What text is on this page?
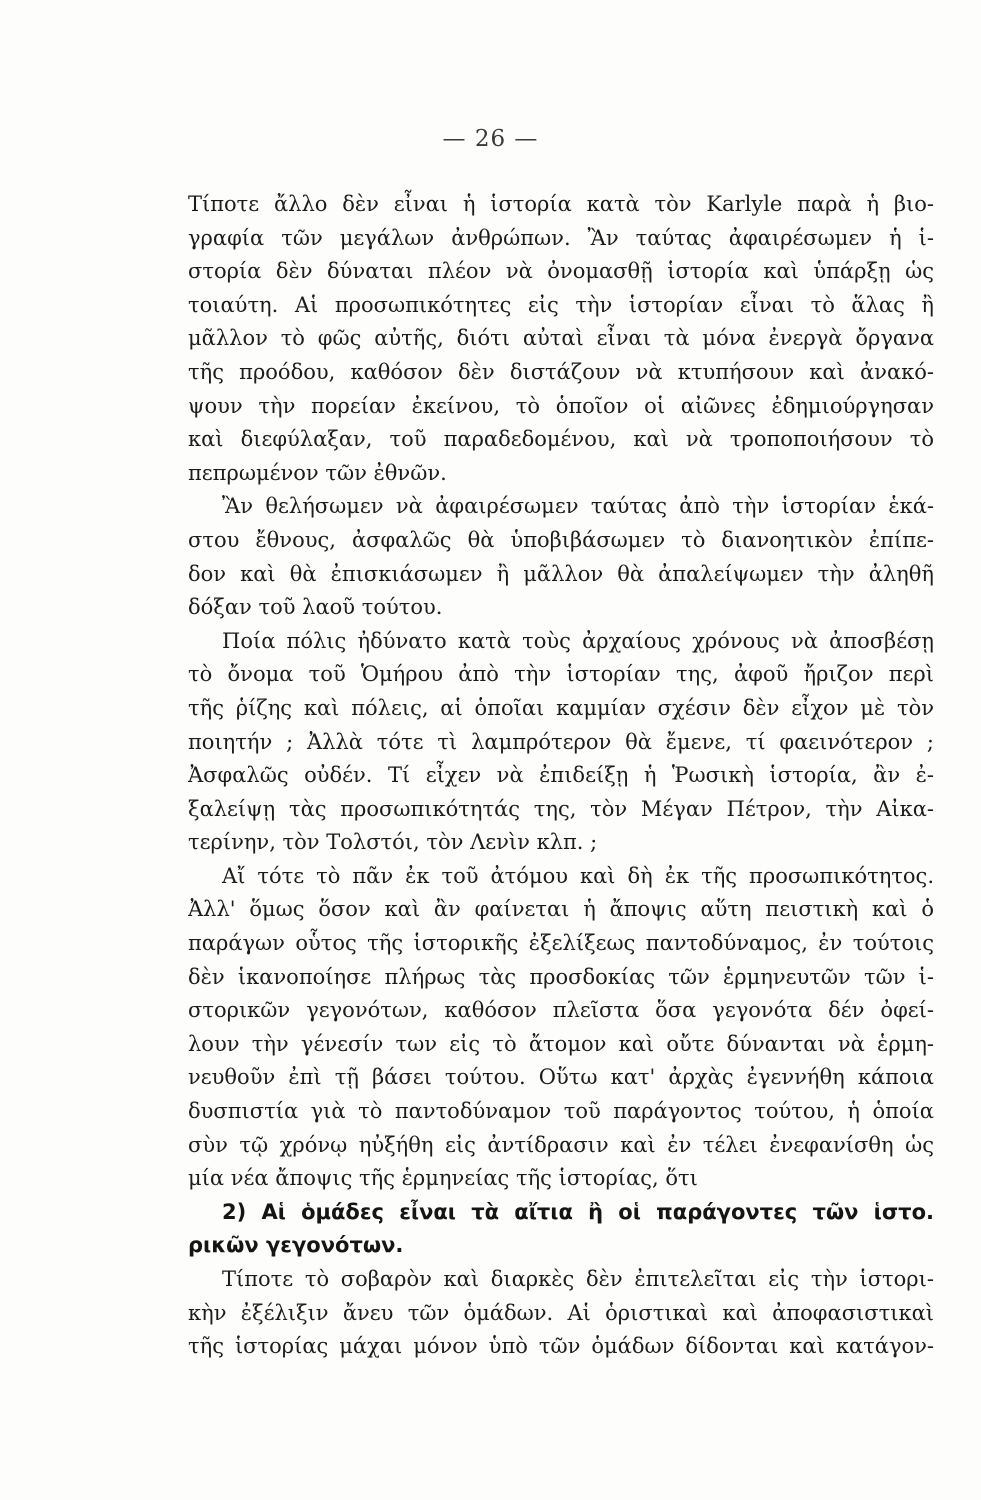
— 26 —
Τίποτε ἄλλο δὲν εἶναι ἡ ἱστορία κατὰ τὸν Karlyle παρὰ ἡ βιο-
γραφία τῶν μεγάλων ἀνθρώπων. Ἂν ταύτας ἀφαιρέσωμεν ἡ ἱ-
στορία δὲν δύναται πλέον νὰ ὀνομασθῇ ἱστορία καὶ ὑπάρξῃ ὡς
τοιαύτη. Αἱ προσωπικότητες εἰς τὴν ἱστορίαν εἶναι τὸ ἅλας ἢ
μᾶλλον τὸ φῶς αὐτῆς, διότι αὐταὶ εἶναι τὰ μόνα ἐνεργὰ ὄργανα
τῆς προόδου, καθόσον δὲν διστάζουν νὰ κτυπήσουν καὶ ἀνακό-
ψουν τὴν πορείαν ἐκείνου, τὸ ὁποῖον οἱ αἰῶνες ἐδημιούργησαν
καὶ διεφύλαξαν, τοῦ παραδεδομένου, καὶ νὰ τροποποιήσουν τὸ
πεπρωμένον τῶν ἐθνῶν.
Ἂν θελήσωμεν νὰ ἀφαιρέσωμεν ταύτας ἀπὸ τὴν ἱστορίαν ἑκά-
στου ἔθνους, ἀσφαλῶς θὰ ὑποβιβάσωμεν τὸ διανοητικὸν ἐπίπε-
δον καὶ θὰ ἐπισκιάσωμεν ἢ μᾶλλον θὰ ἀπαλείψωμεν τὴν ἀληθῆ
δόξαν τοῦ λαοῦ τούτου.
Ποία πόλις ἠδύνατο κατὰ τοὺς ἀρχαίους χρόνους νὰ ἀποσβέσῃ
τὸ ὄνομα τοῦ Ὁμήρου ἀπὸ τὴν ἱστορίαν της, ἀφοῦ ἤριζον περὶ
τῆς ῥίζης καὶ πόλεις, αἱ ὁποῖαι καμμίαν σχέσιν δὲν εἶχον μὲ τὸν
ποιητήν ; Ἀλλὰ τότε τὶ λαμπρότερον θὰ ἔμενε, τί φαεινότερον ;
Ἀσφαλῶς οὐδέν. Τί εἶχεν νὰ ἐπιδείξῃ ἡ Ῥωσικὴ ἱστορία, ἂν ἐ-
ξαλείψῃ τὰς προσωπικότητάς της, τὸν Μέγαν Πέτρον, τὴν Αἰκα-
τερίνην, τὸν Τολστόι, τὸν Λενὶν κλπ. ;
Αἴ τότε τὸ πᾶν ἐκ τοῦ ἀτόμου καὶ δὴ ἐκ τῆς προσωπικότητος.
Ἀλλ' ὅμως ὅσον καὶ ἂν φαίνεται ἡ ἄποψις αὕτη πειστικὴ καὶ ὁ
παράγων οὗτος τῆς ἱστορικῆς ἐξελίξεως παντοδύναμος, ἐν τούτοις
δὲν ἱκανοποίησε πλήρως τὰς προσδοκίας τῶν ἑρμηνευτῶν τῶν ἱ-
στορικῶν γεγονότων, καθόσον πλεῖστα ὅσα γεγονότα δέν ὀφεί-
λουν τὴν γένεσίν των εἰς τὸ ἄτομον καὶ οὔτε δύνανται νὰ ἑρμη-
νευθοῦν ἐπὶ τῇ βάσει τούτου. Οὕτω κατ' ἀρχὰς ἐγεννήθη κάποια
δυσπιστία γιὰ τὸ παντοδύναμον τοῦ παράγοντος τούτου, ἡ ὁποία
σὺν τῷ χρόνῳ ηὐξήθη εἰς ἀντίδρασιν καὶ ἐν τέλει ἐνεφανίσθη ὡς
μία νέα ἄποψις τῆς ἑρμηνείας τῆς ἱστορίας, ὅτι
2) Αἱ ὁμάδες εἶναι τὰ αἴτια ἢ οἱ παράγοντες τῶν ἱστο.
ρικῶν γεγονότων.
Τίποτε τὸ σοβαρὸν καὶ διαρκὲς δὲν ἐπιτελεῖται εἰς τὴν ἱστορι-
κὴν ἐξέλιξιν ἄνευ τῶν ὁμάδων. Αἱ ὁριστικαὶ καὶ ἀποφασιστικαὶ
τῆς ἱστορίας μάχαι μόνον ὑπὸ τῶν ὁμάδων δίδονται καὶ κατάγον-
